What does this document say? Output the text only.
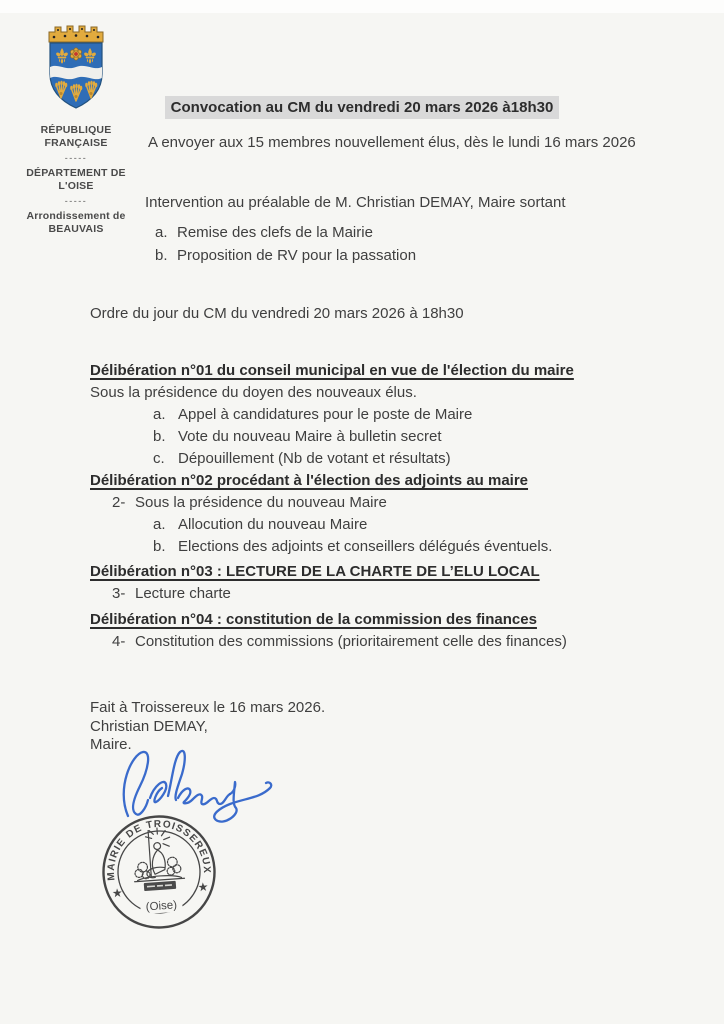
RÉPUBLIQUE
FRANÇAISE
-----
DÉPARTEMENT DE
L'OISE
-----
Arrondissement de
BEAUVAIS
Convocation au CM du vendredi 20 mars 2026 à18h30
A envoyer aux 15 membres nouvellement élus, dès le lundi 16 mars 2026
Intervention au préalable de M. Christian DEMAY, Maire sortant
a. Remise des clefs de la Mairie
b. Proposition de RV pour la passation
Ordre du jour du CM du vendredi 20 mars 2026 à 18h30
Délibération n°01 du conseil municipal en vue de l'élection du maire
Sous la présidence du doyen des nouveaux élus.
a. Appel à candidatures pour le poste de Maire
b. Vote du nouveau Maire à bulletin secret
c. Dépouillement (Nb de votant et résultats)
Délibération n°02 procédant à l'élection des adjoints au maire
2- Sous la présidence du nouveau Maire
a. Allocution du nouveau Maire
b. Elections des adjoints et conseillers délégués éventuels.
Délibération n°03 : LECTURE DE LA CHARTE DE L’ELU LOCAL
3- Lecture charte
Délibération n°04 : constitution de la commission des finances
4- Constitution des commissions (prioritairement celle des finances)
Fait à Troissereux le 16 mars 2026.
Christian DEMAY,
Maire.
MAIRIE DE TROISSEREUX
★	★
(Oise)
